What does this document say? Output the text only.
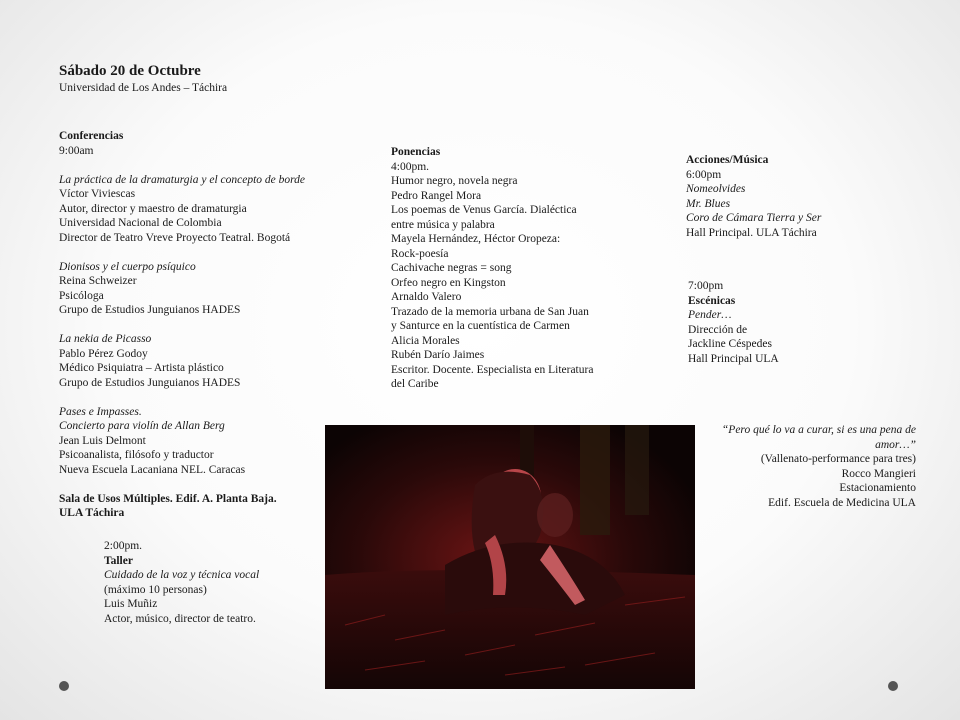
Sábado 20 de Octubre
Universidad de Los Andes – Táchira
Conferencias
9:00am
La práctica de la dramaturgia y el concepto de borde
Víctor Viviescas
Autor, director y maestro de dramaturgia
Universidad Nacional de Colombia
Director de Teatro Vreve Proyecto Teatral. Bogotá
Dionisos y el cuerpo psíquico
Reina Schweizer
Psicóloga
Grupo de Estudios Junguianos HADES
La nekia de Picasso
Pablo Pérez Godoy
Médico Psiquiatra – Artista plástico
Grupo de Estudios Junguianos HADES
Pases e Impasses.
Concierto para violín de Allan Berg
Jean Luis Delmont
Psicoanalista, filósofo y traductor
Nueva Escuela Lacaniana NEL. Caracas
Sala de Usos Múltiples. Edif. A. Planta Baja.
ULA Táchira
2:00pm.
Taller
Cuidado de la voz y técnica vocal
(máximo 10 personas)
Luis Muñiz
Actor, músico, director de teatro.
Ponencias
4:00pm.
Humor negro, novela negra
Pedro Rangel Mora
Los poemas de Venus García. Dialéctica
entre música y palabra
Mayela Hernández, Héctor Oropeza:
Rock-poesía
Cachivache negras = song
Orfeo negro en Kingston
Arnaldo Valero
Trazado de la memoria urbana de San Juan
y Santurce en la cuentística de Carmen
Alicia Morales
Rubén Darío Jaimes
Escritor. Docente. Especialista en Literatura
del Caribe
Acciones/Música
6:00pm
Nomeolvides
Mr. Blues
Coro de Cámara Tierra y Ser
Hall Principal. ULA Táchira
7:00pm
Escénicas
Pender…
Dirección de
Jackline Céspedes
Hall Principal ULA
“Pero qué lo va a curar, si es una pena de
amor…”
(Vallenato-performance para tres)
Rocco Mangieri
Estacionamiento
Edif. Escuela de Medicina ULA
